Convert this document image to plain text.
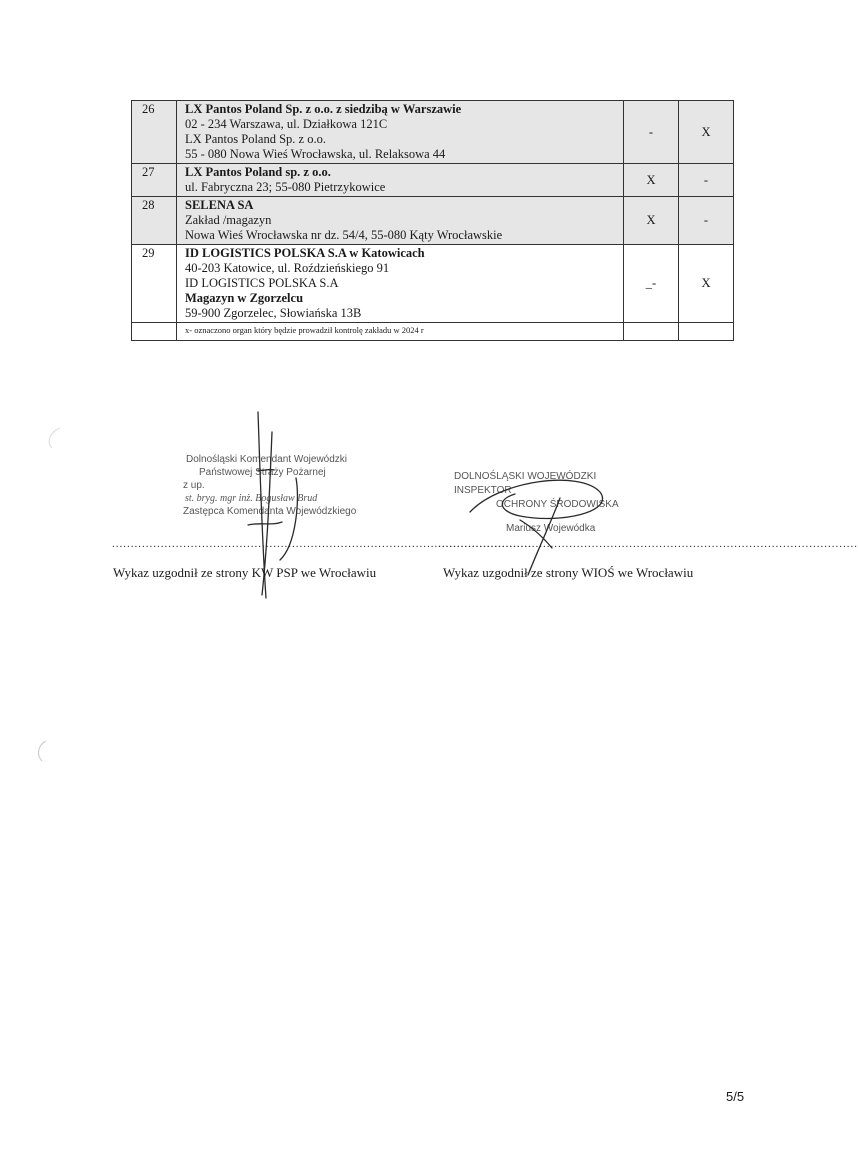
26	LX Pantos Poland Sp. z o.o. z siedzibą w Warszawie
02 - 234 Warszawa, ul. Działkowa 121C
LX Pantos Poland Sp. z o.o.
55 - 080 Nowa Wieś Wrocławska, ul. Relaksowa 44	-	X
27	LX Pantos Poland sp. z o.o.
ul. Fabryczna 23; 55-080 Pietrzykowice	X	-
28	SELENA SA
Zakład /magazyn
Nowa Wieś Wrocławska nr dz. 54/4, 55-080 Kąty Wrocławskie	X	-
29	ID LOGISTICS POLSKA S.A w Katowicach
40-203 Katowice, ul. Roździeńskiego 91
ID LOGISTICS POLSKA S.A
Magazyn w Zgorzelcu
59-900 Zgorzelec, Słowiańska 13B	_-	X
	x- oznaczono organ który będzie prowadził kontrolę zakładu w 2024 r		
Dolnośląski Komendant Wojewódzki
Państwowej Straży Pożarnej
z up.
st. bryg. mgr inż. Bogusław Brud
Zastępca Komendanta Wojewódzkiego
DOLNOŚLĄSKI WOJEWÓDZKI INSPEKTOR
OCHRONY ŚRODOWISKA
Mariusz Wojewódka
................................................................................................................
................................................................................................................
Wykaz uzgodnił ze strony KW PSP we Wrocławiu	Wykaz uzgodnił ze strony WIOŚ we Wrocławiu
5/5
